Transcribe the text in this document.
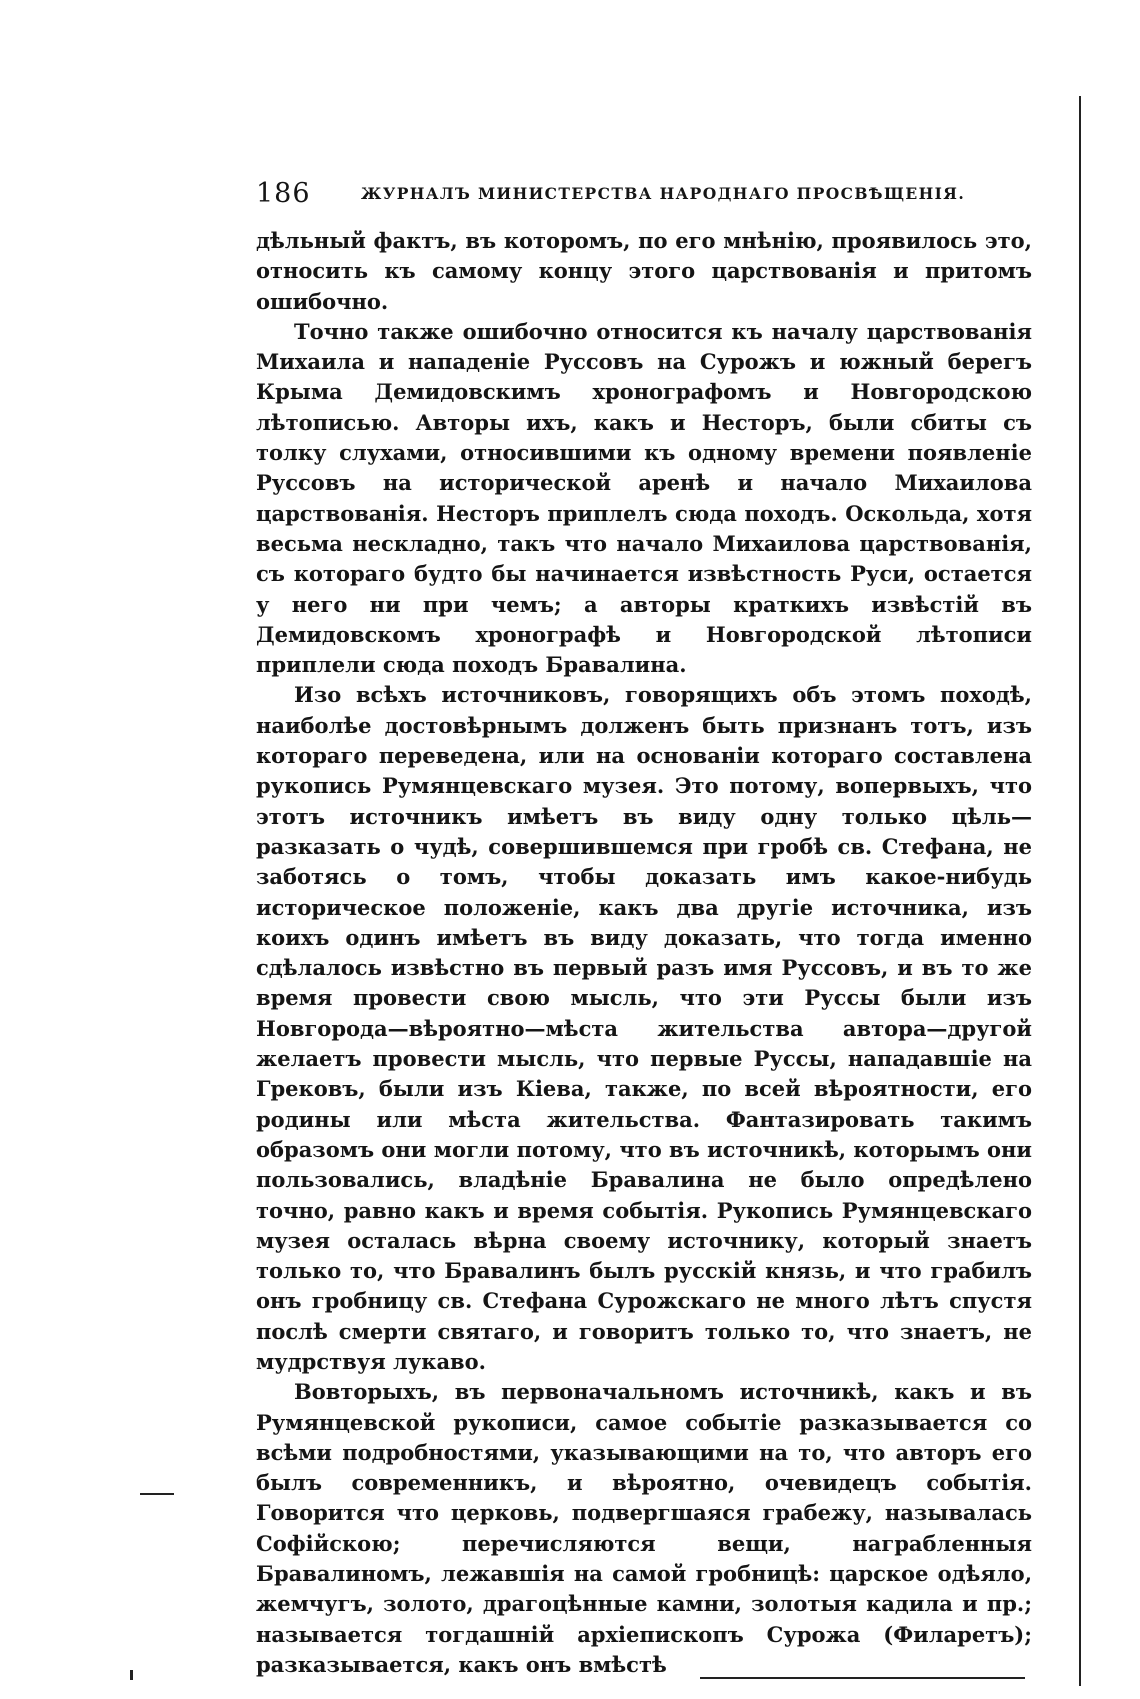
186	ЖУРНАЛЪ МИНИСТЕРСТВА НАРОДНАГО ПРОСВѢЩЕНІЯ.

дѣльный фактъ, въ которомъ, по его мнѣнію, проявилось это, относить къ самому концу этого царствованія и притомъ ошибочно.

Точно также ошибочно относится къ началу царствованія Михаила и нападеніе Руссовъ на Сурожъ и южный берегъ Крыма Демидовскимъ хронографомъ и Новгородскою лѣтописью. Авторы ихъ, какъ и Несторъ, были сбиты съ толку слухами, относившими къ одному времени появленіе Руссовъ на исторической аренѣ и начало Михаилова царствованія. Несторъ приплелъ сюда походъ. Оскольда, хотя весьма нескладно, такъ что начало Михаилова царствованія, съ котораго будто бы начинается извѣстность Руси, остается у него ни при чемъ; а авторы краткихъ извѣстій въ Демидовскомъ хронографѣ и Новгородской лѣтописи приплели сюда походъ Бравалина.

Изо всѣхъ источниковъ, говорящихъ объ этомъ походѣ, наиболѣе достовѣрнымъ долженъ быть признанъ тотъ, изъ котораго переведена, или на основаніи котораго составлена рукопись Румянцевскаго музея. Это потому, вопервыхъ, что этотъ источникъ имѣетъ въ виду одну только цѣль—разказать о чудѣ, совершившемся при гробѣ св. Стефана, не заботясь о томъ, чтобы доказать имъ какое-нибудь историческое положеніе, какъ два другіе источника, изъ коихъ одинъ имѣетъ въ виду доказать, что тогда именно сдѣлалось извѣстно въ первый разъ имя Руссовъ, и въ то же время провести свою мысль, что эти Руссы были изъ Новгорода—вѣроятно—мѣста жительства автора—другой желаетъ провести мысль, что первые Руссы, нападавшіе на Грековъ, были изъ Кіева, также, по всей вѣроятности, его родины или мѣста жительства. Фантазировать такимъ образомъ они могли потому, что въ источникѣ, которымъ они пользовались, владѣніе Бравалина не было опредѣлено точно, равно какъ и время событія. Рукопись Румянцевскаго музея осталась вѣрна своему источнику, который знаетъ только то, что Бравалинъ былъ русскій князь, и что грабилъ онъ гробницу св. Стефана Сурожскаго не много лѣтъ спустя послѣ смерти святаго, и говоритъ только то, что знаетъ, не мудрствуя лукаво.

Вовторыхъ, въ первоначальномъ источникѣ, какъ и въ Румянцевской рукописи, самое событіе разказывается со всѣми подробностями, указывающими на то, что авторъ его былъ современникъ, и вѣроятно, очевидецъ событія. Говорится что церковь, подвергшаяся грабежу, называлась Софійскою; перечисляются вещи, награбленныя Бравалиномъ, лежавшія на самой гробницѣ: царское одѣяло, жемчугъ, золото, драгоцѣнные камни, золотыя кадила и пр.; называется тогдашній архіепископъ Сурожа (Филаретъ); разказывается, какъ онъ вмѣстѣ
